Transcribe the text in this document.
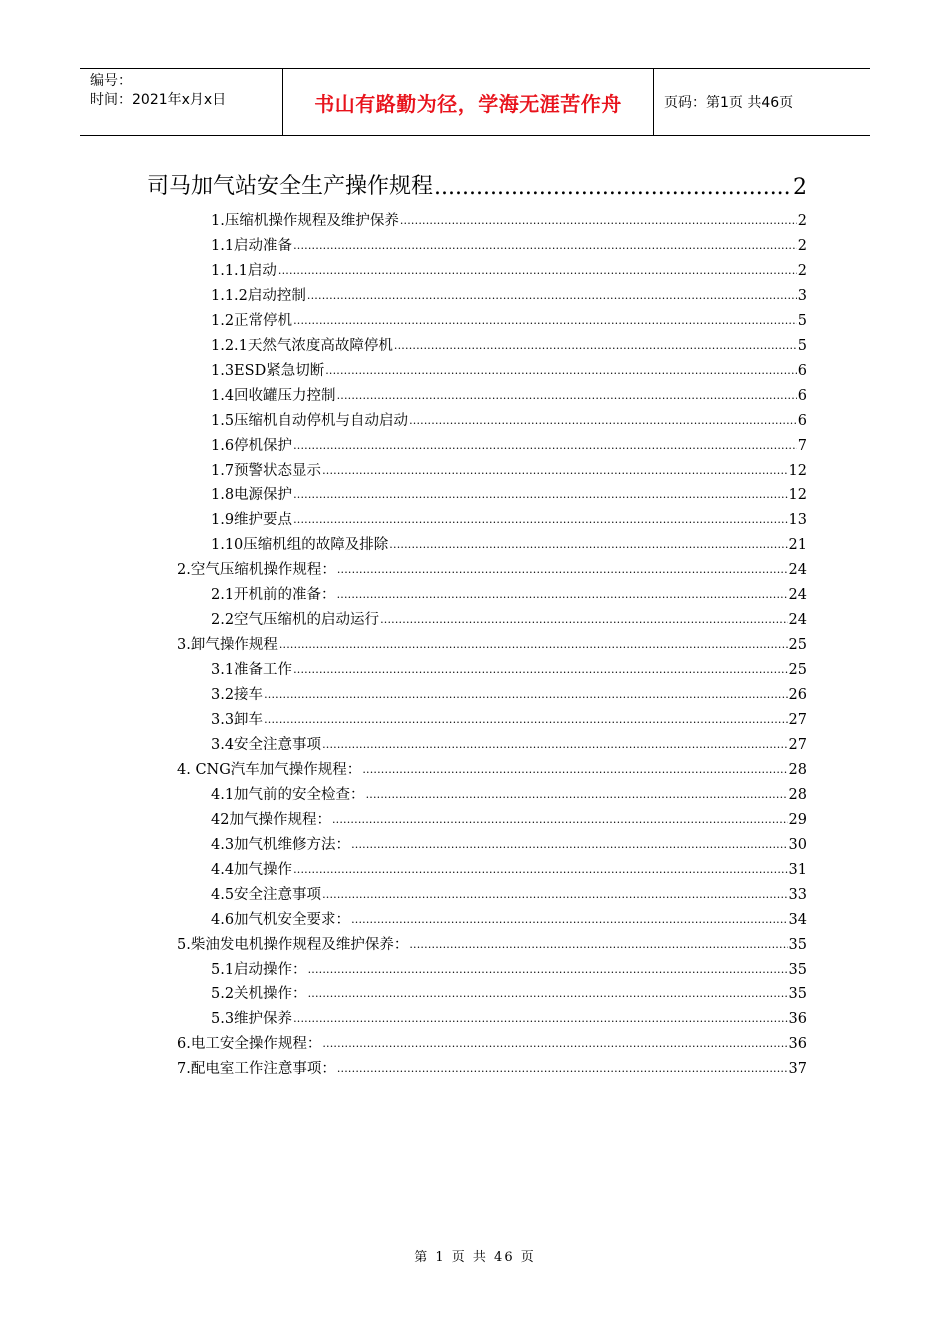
编号：
时间：2021年x月x日	书山有路勤为径，学海无涯苦作舟	页码：第1页 共46页
司马加气站安全生产操作规程 .....	2
1.压缩机操作规程及维护保养 .....	2
1.1启动准备 .....	2
1.1.1启动 .....	2
1.1.2启动控制 .....	3
1.2正常停机 .....	5
1.2.1天然气浓度高故障停机 .....	5
1.3ESD紧急切断 .....	6
1.4回收罐压力控制 .....	6
1.5压缩机自动停机与自动启动 .....	6
1.6停机保护 .....	7
1.7预警状态显示 .....	12
1.8电源保护 .....	12
1.9维护要点 .....	13
1.10压缩机组的故障及排除 .....	21
2.空气压缩机操作规程： .....	24
2.1开机前的准备： .....	24
2.2空气压缩机的启动运行 .....	24
3.卸气操作规程 .....	25
3.1准备工作 .....	25
3.2接车 .....	26
3.3卸车 .....	27
3.4安全注意事项 .....	27
4. CNG汽车加气操作规程： .....	28
4.1加气前的安全检查： .....	28
42加气操作规程： .....	29
4.3加气机维修方法： .....	30
4.4加气操作 .....	31
4.5安全注意事项 .....	33
4.6加气机安全要求： .....	34
5.柴油发电机操作规程及维护保养： .....	35
5.1启动操作： .....	35
5.2关机操作： .....	35
5.3维护保养 .....	36
6.电工安全操作规程： .....	36
7.配电室工作注意事项： .....	37
第 1 页 共 46 页
